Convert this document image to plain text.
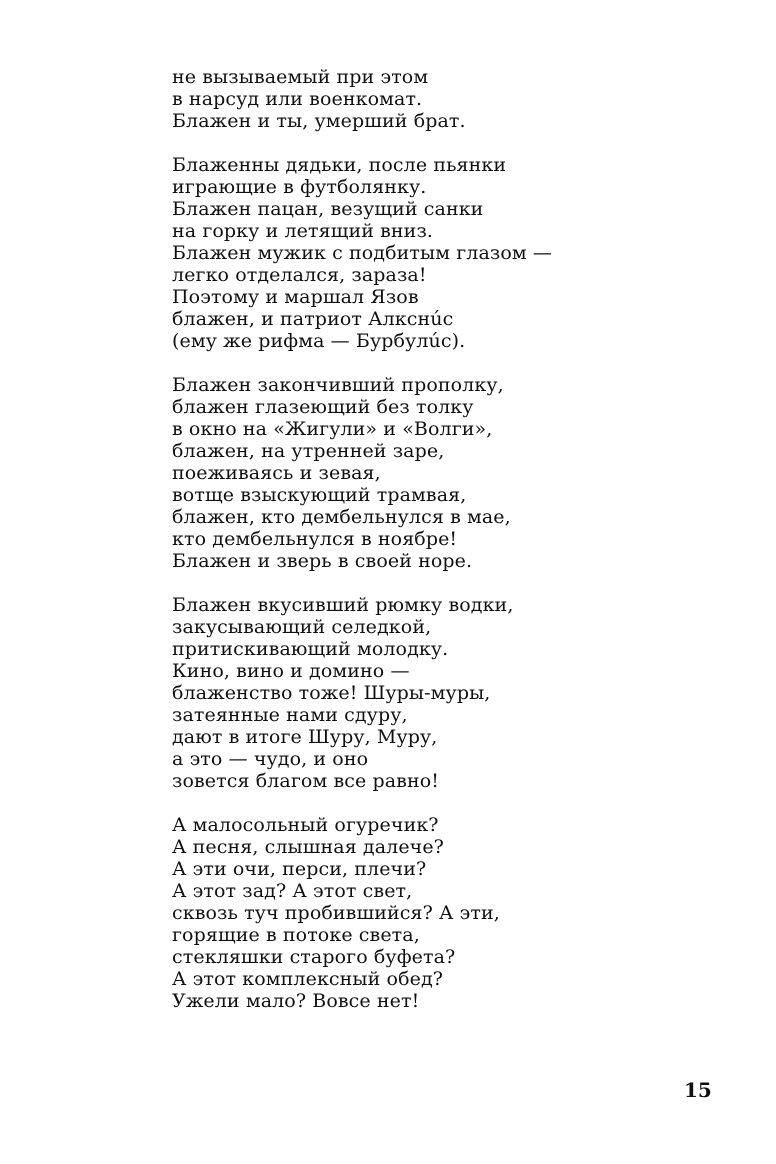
не вызываемый при этом
в нарсуд или военкомат.
Блажен и ты, умерший брат.
Блаженны дядьки, после пьянки
играющие в футболянку.
Блажен пацан, везущий санки
на горку и летящий вниз.
Блажен мужик с подбитым глазом —
легко отделался, зараза!
Поэтому и маршал Язов
блажен, и патриот Алкснúс
(ему же рифма — Бурбулúс).
Блажен закончивший прополку,
блажен глазеющий без толку
в окно на «Жигули» и «Волги»,
блажен, на утренней заре,
поеживаясь и зевая,
вотще взыскующий трамвая,
блажен, кто дембельнулся в мае,
кто дембельнулся в ноябре!
Блажен и зверь в своей норе.
Блажен вкусивший рюмку водки,
закусывающий селедкой,
притискивающий молодку.
Кино, вино и домино —
блаженство тоже! Шуры-муры,
затеянные нами сдуру,
дают в итоге Шуру, Муру,
а это — чудо, и оно
зовется благом все равно!
А малосольный огуречик?
А песня, слышная далече?
А эти очи, перси, плечи?
А этот зад? А этот свет,
сквозь туч пробившийся? А эти,
горящие в потоке света,
стекляшки старого буфета?
А этот комплексный обед?
Ужели мало? Вовсе нет!
15
